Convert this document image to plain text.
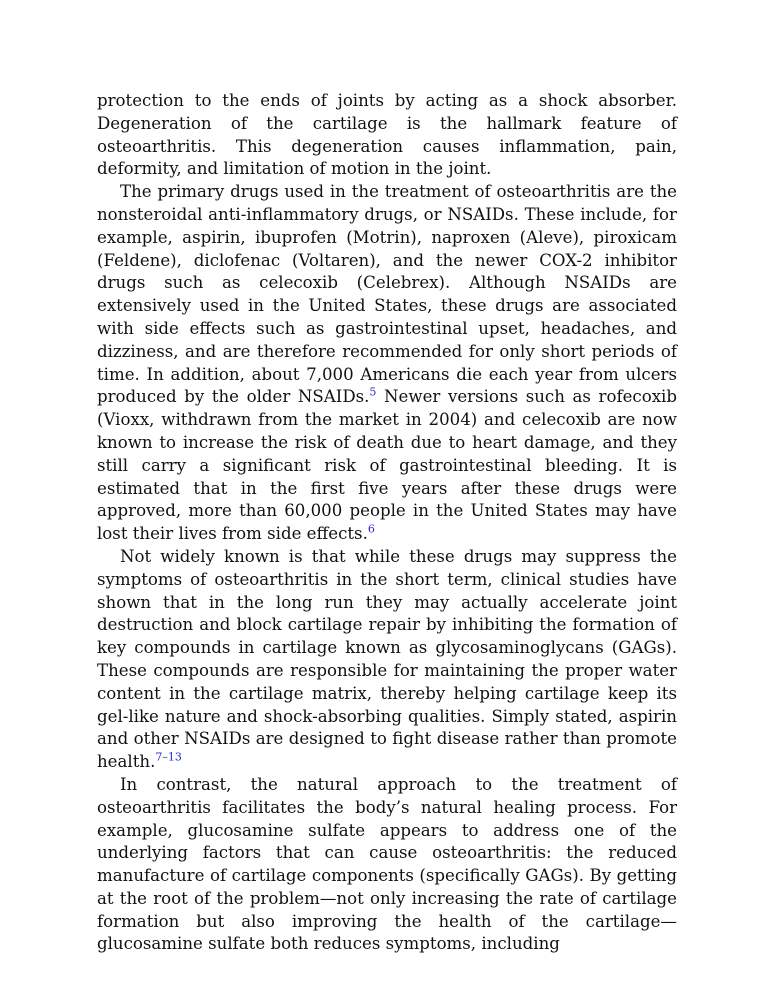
protection to the ends of joints by acting as a shock absorber. Degeneration of the cartilage is the hallmark feature of osteoarthritis. This degeneration causes inflammation, pain, deformity, and limitation of motion in the joint.

The primary drugs used in the treatment of osteoarthritis are the nonsteroidal anti-inflammatory drugs, or NSAIDs. These include, for example, aspirin, ibuprofen (Motrin), naproxen (Aleve), piroxicam (Feldene), diclofenac (Voltaren), and the newer COX-2 inhibitor drugs such as celecoxib (Celebrex). Although NSAIDs are extensively used in the United States, these drugs are associated with side effects such as gastrointestinal upset, headaches, and dizziness, and are therefore recommended for only short periods of time. In addition, about 7,000 Americans die each year from ulcers produced by the older NSAIDs.$^5$ Newer versions such as rofecoxib (Vioxx, withdrawn from the market in 2004) and celecoxib are now known to increase the risk of death due to heart damage, and they still carry a significant risk of gastrointestinal bleeding. It is estimated that in the first five years after these drugs were approved, more than 60,000 people in the United States may have lost their lives from side effects.$^6$

Not widely known is that while these drugs may suppress the symptoms of osteoarthritis in the short term, clinical studies have shown that in the long run they may actually accelerate joint destruction and block cartilage repair by inhibiting the formation of key compounds in cartilage known as glycosaminoglycans (GAGs). These compounds are responsible for maintaining the proper water content in the cartilage matrix, thereby helping cartilage keep its gel-like nature and shock-absorbing qualities. Simply stated, aspirin and other NSAIDs are designed to fight disease rather than promote health.$^{7-13}$

In contrast, the natural approach to the treatment of osteoarthritis facilitates the body’s natural healing process. For example, glucosamine sulfate appears to address one of the underlying factors that can cause osteoarthritis: the reduced manufacture of cartilage components (specifically GAGs). By getting at the root of the problem—not only increasing the rate of cartilage formation but also improving the health of the cartilage—glucosamine sulfate both reduces symptoms, including
